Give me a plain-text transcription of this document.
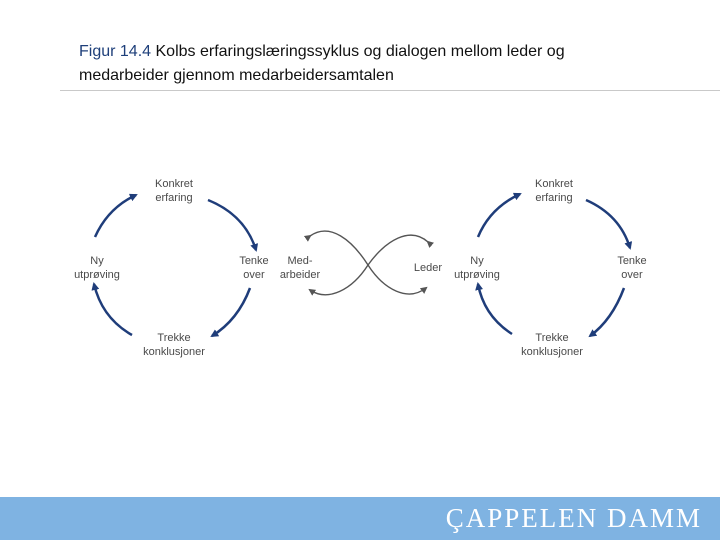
Figur 14.4 Kolbs erfaringslæringssyklus og dialogen mellom leder og
medarbeider gjennom medarbeidersamtalen
Konkret
erfaring
Tenke
over
Trekke
konklusjoner
Ny
utprøving
Med-
arbeider
Leder
Konkret
erfaring
Tenke
over
Trekke
konklusjoner
Ny
utprøving
ÇAPPELEN DAMM
